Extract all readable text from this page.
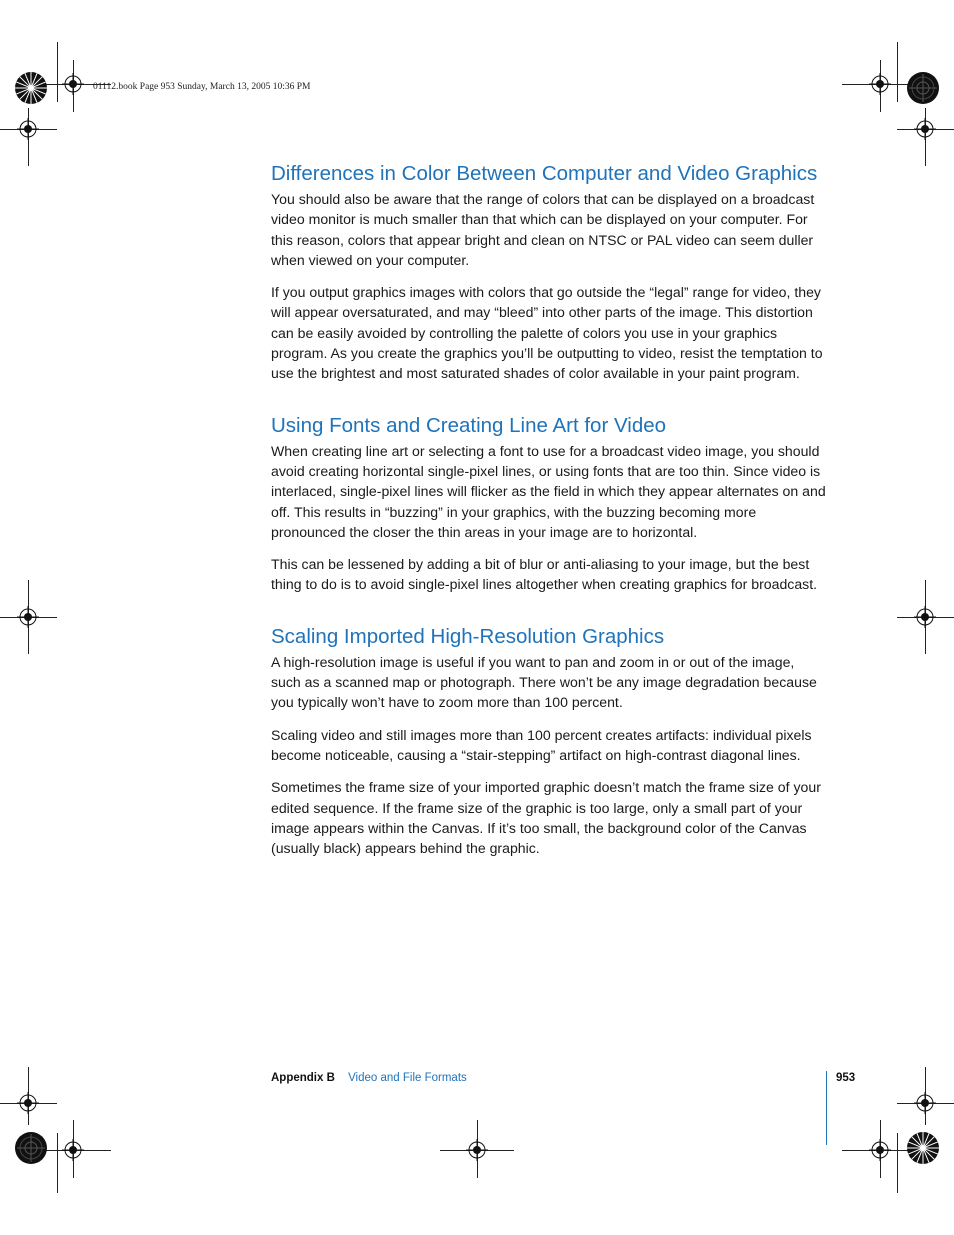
01112.book Page 953 Sunday, March 13, 2005 10:36 PM
Differences in Color Between Computer and Video Graphics

You should also be aware that the range of colors that can be displayed on a broadcast video monitor is much smaller than that which can be displayed on your computer. For this reason, colors that appear bright and clean on NTSC or PAL video can seem duller when viewed on your computer.

If you output graphics images with colors that go outside the “legal” range for video, they will appear oversaturated, and may “bleed” into other parts of the image. This distortion can be easily avoided by controlling the palette of colors you use in your graphics program. As you create the graphics you’ll be outputting to video, resist the temptation to use the brightest and most saturated shades of color available in your paint program.

Using Fonts and Creating Line Art for Video

When creating line art or selecting a font to use for a broadcast video image, you should avoid creating horizontal single-pixel lines, or using fonts that are too thin. Since video is interlaced, single-pixel lines will flicker as the field in which they appear alternates on and off. This results in “buzzing” in your graphics, with the buzzing becoming more pronounced the closer the thin areas in your image are to horizontal.

This can be lessened by adding a bit of blur or anti-aliasing to your image, but the best thing to do is to avoid single-pixel lines altogether when creating graphics for broadcast.

Scaling Imported High-Resolution Graphics

A high-resolution image is useful if you want to pan and zoom in or out of the image, such as a scanned map or photograph. There won’t be any image degradation because you typically won’t have to zoom more than 100 percent.

Scaling video and still images more than 100 percent creates artifacts: individual pixels become noticeable, causing a “stair-stepping” artifact on high-contrast diagonal lines.

Sometimes the frame size of your imported graphic doesn’t match the frame size of your edited sequence. If the frame size of the graphic is too large, only a small part of your image appears within the Canvas. If it’s too small, the background color of the Canvas (usually black) appears behind the graphic.

Appendix B Video and File Formats	953
